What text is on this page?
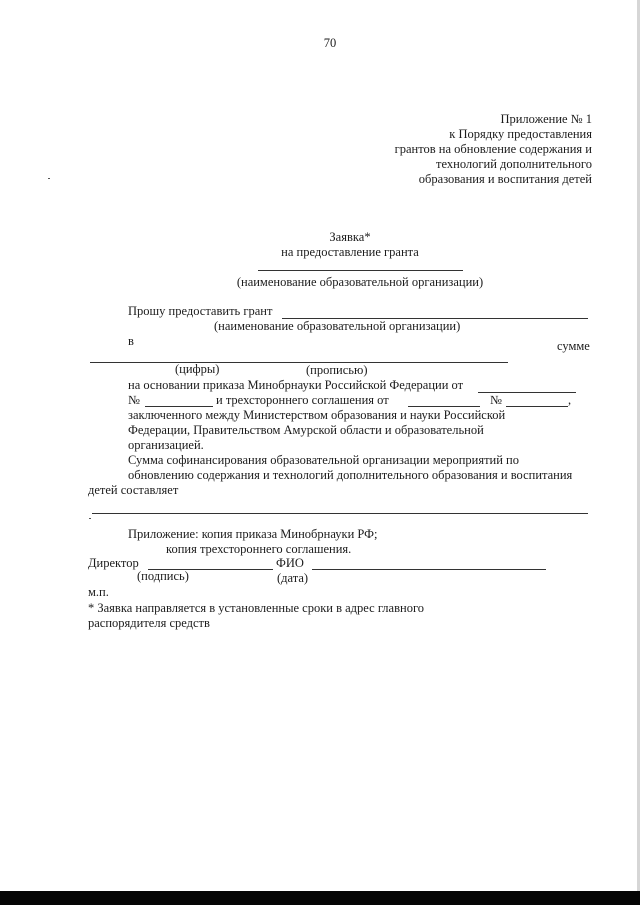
70
Приложение № 1
к Порядку предоставления
грантов на обновление содержания и
технологий дополнительного
образования и воспитания детей
Заявка*
на предоставление гранта
(наименование образовательной организации)
Прошу предоставить грант
(наименование образовательной организации)
в	сумме
(цифры)	(прописью)
на основании приказа Минобрнауки Российской Федерации от
№	и трехстороннего соглашения от	№	,
заключенного между Министерством образования и науки Российской
Федерации, Правительством Амурской области и образовательной
организацией.
Сумма софинансирования образовательной организации мероприятий по
обновлению содержания и технологий дополнительного образования и воспитания
детей составляет
Приложение: копия приказа Минобрнауки РФ;
копия трехстороннего соглашения.
Директор	ФИО
(подпись)	(дата)
м.п.
* Заявка направляется в установленные сроки в адрес главного
распорядителя средств
